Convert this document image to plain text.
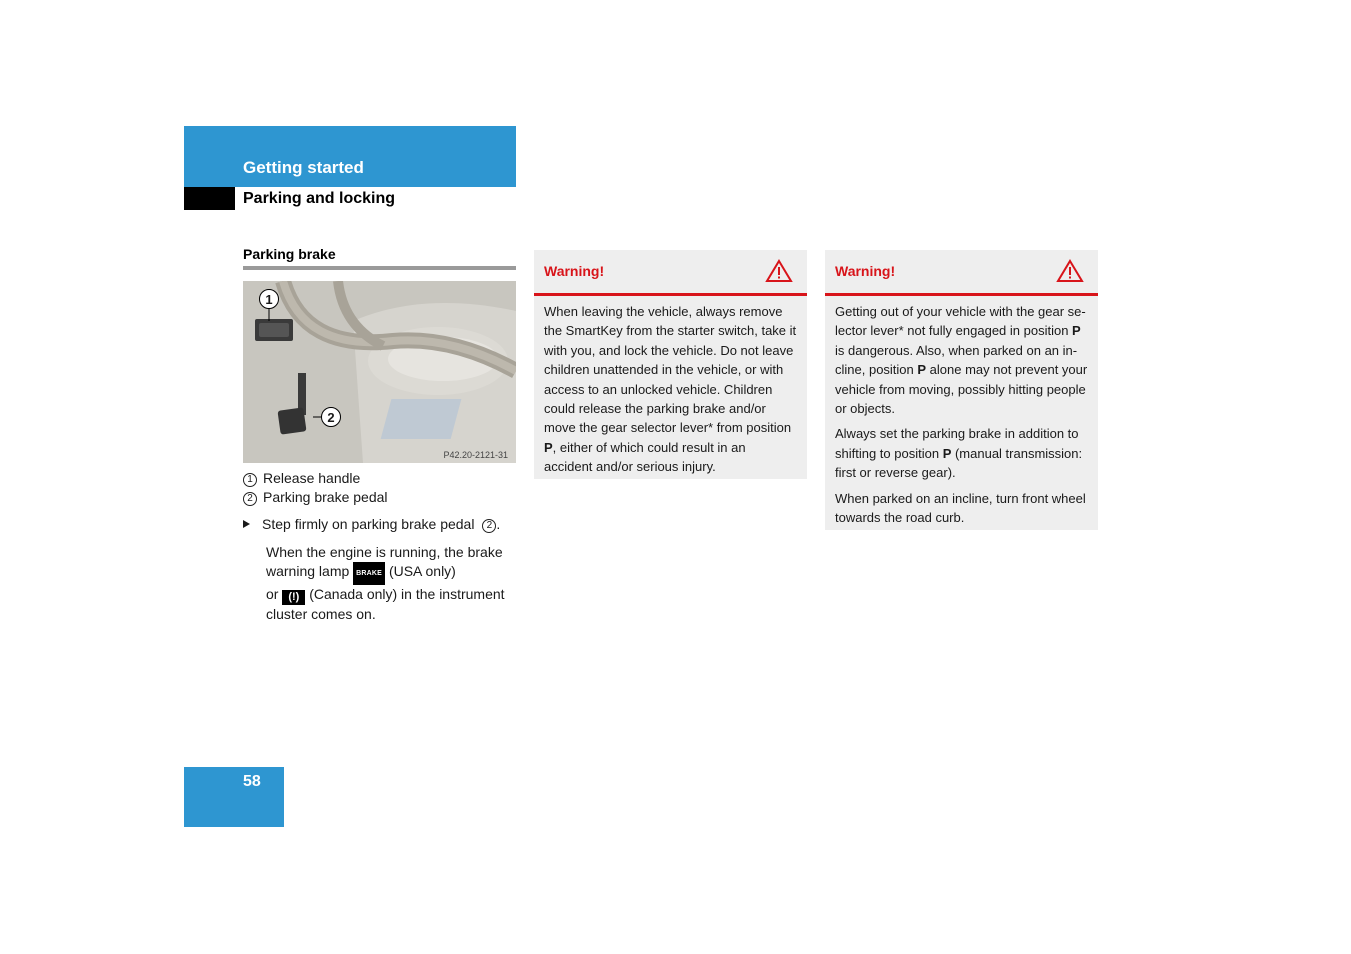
Getting started
Parking and locking
Parking brake
1
2
P42.20-2121-31
1 Release handle
2 Parking brake pedal
Step firmly on parking brake pedal 2 .
When the engine is running, the brake warning lamp BRAKE (USA only)
or (!) (Canada only) in the instrument cluster comes on.
Warning!

When leaving the vehicle, always remove the SmartKey from the starter switch, take it with you, and lock the vehicle. Do not leave children unattended in the vehicle, or with access to an unlocked vehicle. Children could release the parking brake and/or move the gear selector lever* from position P, either of which could result in an accident and/or serious injury.

Warning!

Getting out of your vehicle with the gear se-lector lever* not fully engaged in position P is dangerous. Also, when parked on an in-cline, position P alone may not prevent your vehicle from moving, possibly hitting people or objects.

Always set the parking brake in addition to shifting to position P (manual transmission: first or reverse gear).

When parked on an incline, turn front wheel towards the road curb.

58
